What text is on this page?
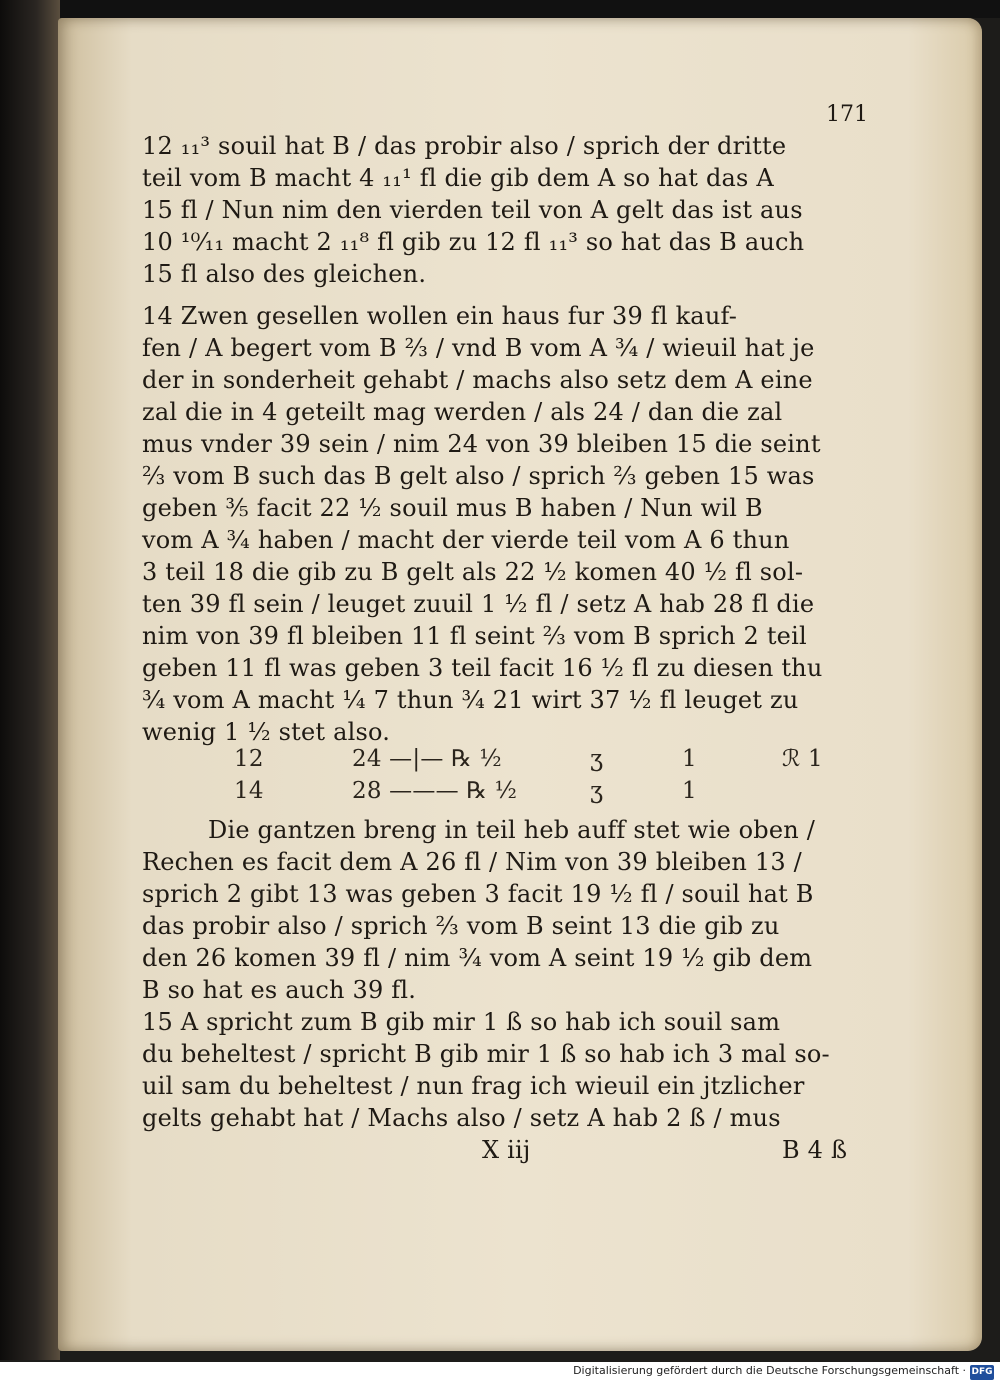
171
12 ₁₁³ souil hat B / das probir also / sprich der dritte
teil vom B macht 4 ₁₁¹ fl die gib dem A so hat das A
15 fl / Nun nim den vierden teil von A gelt das ist aus
10 ¹⁰⁄₁₁ macht 2 ₁₁⁸ fl gib zu 12 fl ₁₁³ so hat das B auch
15 fl also des gleichen.
14 Zwen gesellen wollen ein haus fur 39 fl kauf-
fen / A begert vom B ⅔ / vnd B vom A ¾ / wieuil hat je
der in sonderheit gehabt / machs also setz dem A eine
zal die in 4 geteilt mag werden / als 24 / dan die zal
mus vnder 39 sein / nim 24 von 39 bleiben 15 die seint
⅔ vom B such das B gelt also / sprich ⅔ geben 15 was
geben ⅗ facit 22 ½ souil mus B haben / Nun wil B
vom A ¾ haben / macht der vierde teil vom A 6 thun
3 teil 18 die gib zu B gelt als 22 ½ komen 40 ½ fl sol-
ten 39 fl sein / leuget zuuil 1 ½ fl / setz A hab 28 fl die
nim von 39 fl bleiben 11 fl seint ⅔ vom B sprich 2 teil
geben 11 fl was geben 3 teil facit 16 ½ fl zu diesen thu
¾ vom A macht ¼ 7 thun ¾ 21 wirt 37 ½ fl leuget zu
wenig 1 ½ stet also.
12	24 —|— ℞ ½	ʒ	1	ℛ 1
14	28 ——— ℞ ½	ʒ	1
Die gantzen breng in teil heb auff stet wie oben /
Rechen es facit dem A 26 fl / Nim von 39 bleiben 13 /
sprich 2 gibt 13 was geben 3 facit 19 ½ fl / souil hat B
das probir also / sprich ⅔ vom B seint 13 die gib zu
den 26 komen 39 fl / nim ¾ vom A seint 19 ½ gib dem
B so hat es auch 39 fl.
15 A spricht zum B gib mir 1 ß so hab ich souil sam
du beheltest / spricht B gib mir 1 ß so hab ich 3 mal so-
uil sam du beheltest / nun frag ich wieuil ein jtzlicher
gelts gehabt hat / Machs also / setz A hab 2 ß / mus
X iij	B 4 ß
Digitalisierung gefördert durch die Deutsche Forschungsgemeinschaft · DFG
